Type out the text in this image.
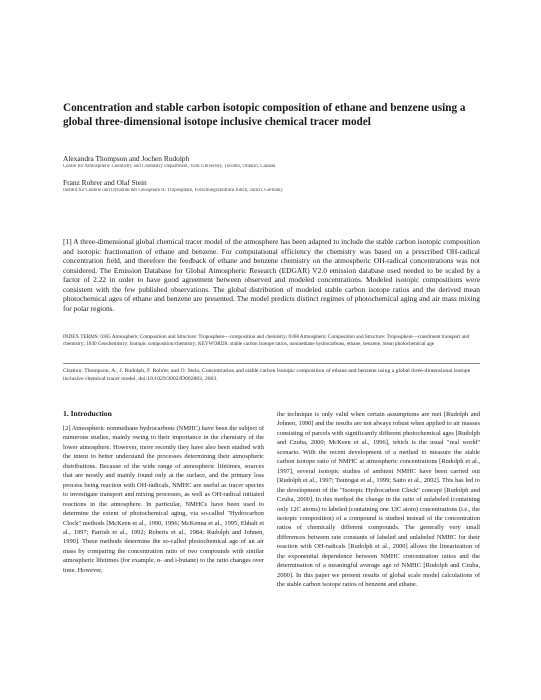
Concentration and stable carbon isotopic composition of ethane and benzene using a global three-dimensional isotope inclusive chemical tracer model

Alexandra Thompson and Jochen Rudolph

Centre for Atmospheric Chemistry and Chemistry Department, York University, Toronto, Ontario, Canada

Franz Rohrer and Olaf Stein

Institut für Chemie und Dynamik der Geosphäre II: Troposphäre, Forschungszentrum Jülich, Jülich, Germany

[1] A three-dimensional global chemical tracer model of the atmosphere has been adapted to include the stable carbon isotopic composition and isotopic fractionation of ethane and benzene. For computational efficiency the chemistry was based on a prescribed OH-radical concentration field, and therefore the feedback of ethane and benzene chemistry on the atmospheric OH-radical concentrations was not considered. The Emission Database for Global Atmospheric Research (EDGAR) V2.0 emission database used needed to be scaled by a factor of 2.22 in order to have good agreement between observed and modeled concentrations. Modeled isotopic compositions were consistent with the few published observations. The global distribution of modeled stable carbon isotope ratios and the derived mean photochemical ages of ethane and benzene are presented. The model predicts distinct regimes of photochemical aging and air mass mixing for polar regions.

INDEX TERMS: 0365 Atmospheric Composition and Structure: Troposphere—composition and chemistry; 0368 Atmospheric Composition and Structure: Troposphere—constituent transport and chemistry; 1040 Geochemistry: Isotopic composition/chemistry; KEYWORDS: stable carbon isotope ratios, nonmethane hydrocarbons, ethane, benzene, mean photochemical age

Citation: Thompson, A., J. Rudolph, F. Rohrer, and O. Stein, Concentration and stable carbon isotopic composition of ethane and benzene using a global three-dimensional isotope inclusive chemical tracer model, doi:10.1029/2002JD002883, 2003.

1. Introduction

[2] Atmospheric nonmethane hydrocarbons (NMHC) have been the subject of numerous studies, mainly owing to their importance in the chemistry of the lower atmosphere. However, more recently they have also been studied with the intent to better understand the processes determining their atmospheric distributions. Because of the wide range of atmospheric lifetimes, sources that are mostly and mainly found only at the surface, and the primary loss process being reaction with OH-radicals, NMHC are useful as tracer species to investigate transport and mixing processes, as well as OH-radical initiated reactions in the atmosphere. In particular, NMHCs have been used to determine the extent of photochemical aging, via so-called "Hydrocarbon Clock" methods [McKeen et al., 1990, 1996; McKenna et al., 1995; Ehhalt et al., 1997; Parrish et al., 1992; Roberts et al., 1984; Rudolph and Johnen, 1990]. These methods determine the so-called photochemical age of an air mass by comparing the concentration ratio of two compounds with similar atmospheric lifetimes (for example, n- and i-butane) to the ratio changes over time. However,

the technique is only valid when certain assumptions are met [Rudolph and Johnen, 1990] and the results are not always robust when applied to air masses consisting of parcels with significantly different photochemical ages [Rudolph and Czuba, 2000; McKeen et al., 1996], which is the usual "real world" scenario. With the recent development of a method to measure the stable carbon isotope ratio of NMHC at atmospheric concentrations [Rudolph et al., 1997], several isotopic studies of ambient NMHC have been carried out [Rudolph et al., 1997; Tsunogai et al., 1999; Saito et al., 2002]. This has led to the development of the "Isotopic Hydrocarbon Clock" concept [Rudolph and Czuba, 2000]. In this method the change in the ratio of unlabeled (containing only 12C atoms) to labeled (containing one 13C atom) concentrations (i.e., the isotopic composition) of a compound is studied instead of the concentration ratios of chemically different compounds. The generally very small differences between rate constants of labeled and unlabeled NMHC for their reaction with OH-radicals [Rudolph et al., 2000] allows the linearization of the exponential dependence between NMHC concentration ratios and the determination of a meaningful average age of NMHC [Rudolph and Czuba, 2000]. In this paper we present results of global scale model calculations of the stable carbon isotope ratios of benzene and ethane.
